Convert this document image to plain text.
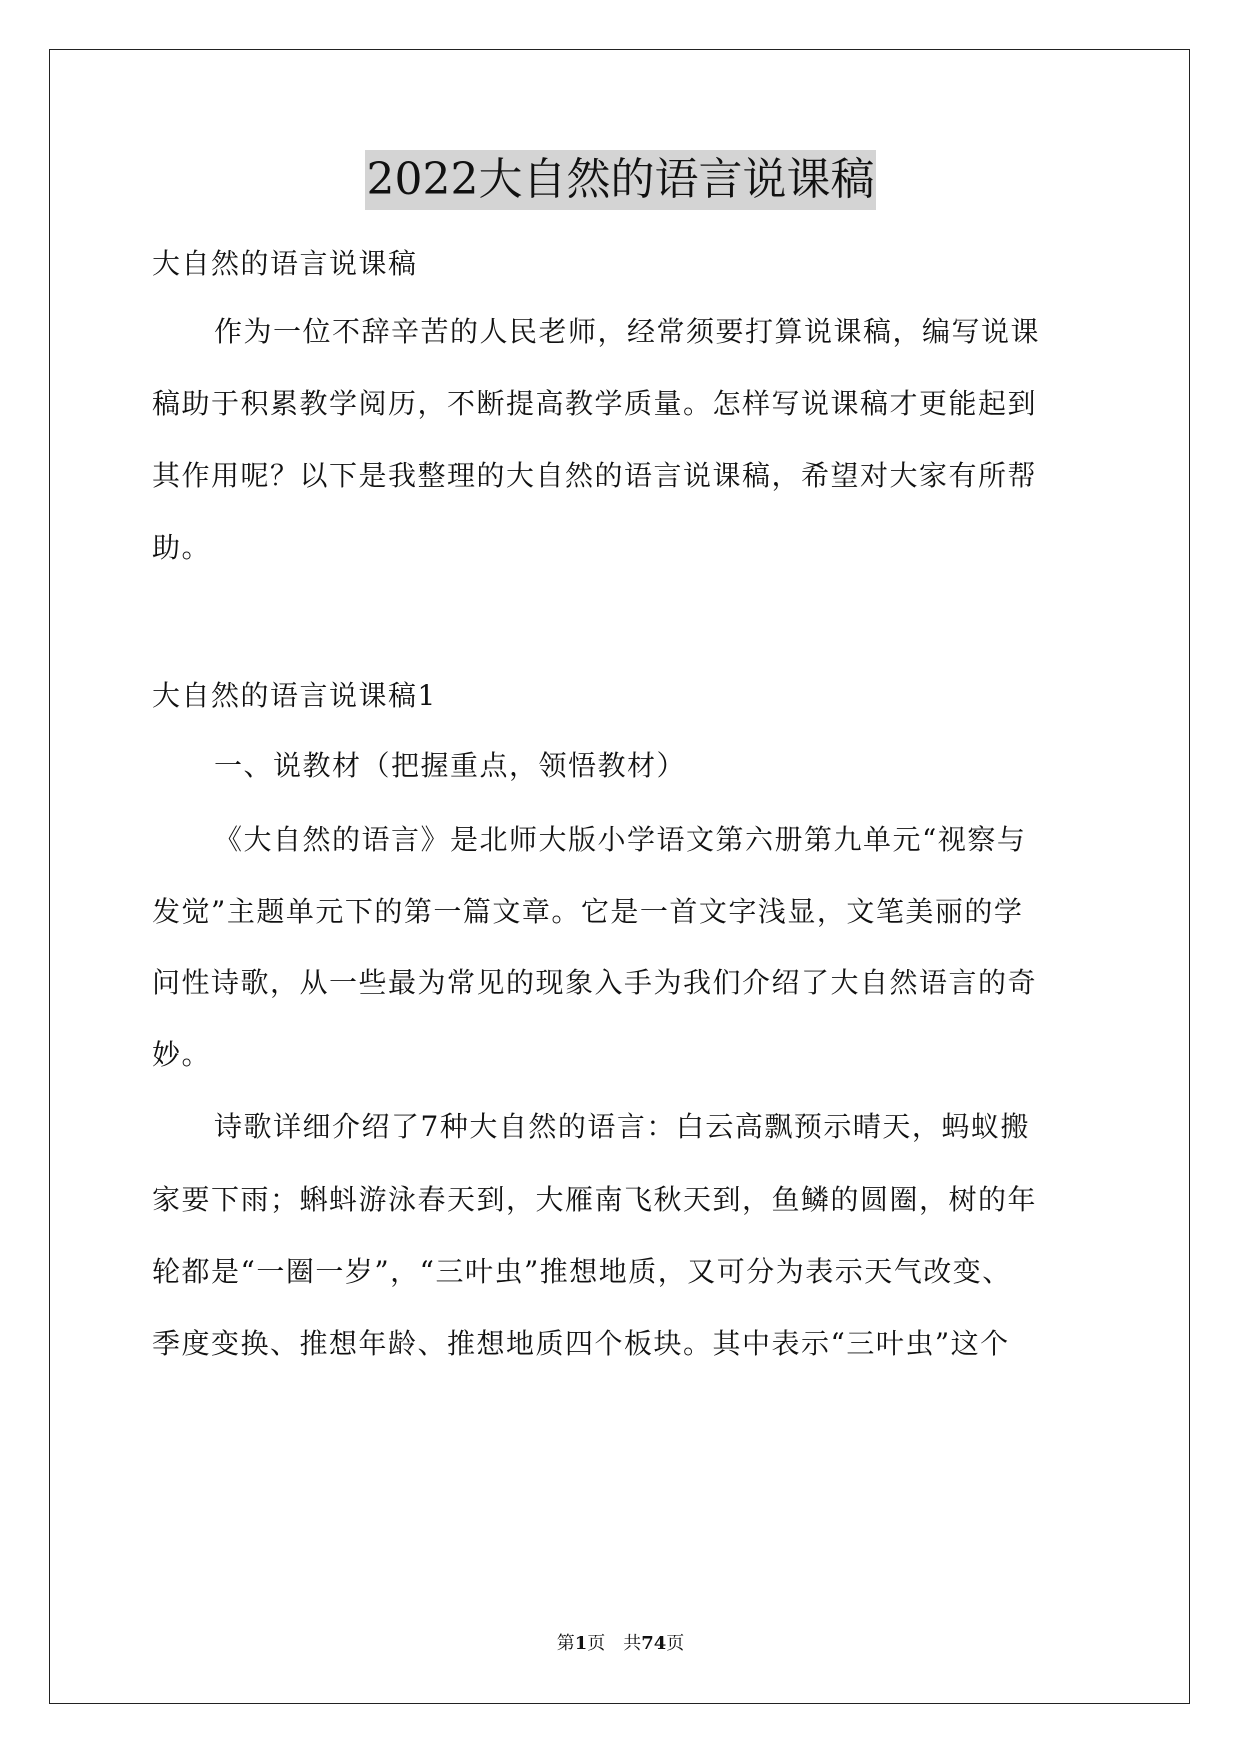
2022大自然的语言说课稿
大自然的语言说课稿
作为一位不辞辛苦的人民老师，经常须要打算说课稿，编写说课
稿助于积累教学阅历，不断提高教学质量。怎样写说课稿才更能起到
其作用呢？以下是我整理的大自然的语言说课稿，希望对大家有所帮
助。
大自然的语言说课稿1
一、说教材（把握重点，领悟教材）
《大自然的语言》是北师大版小学语文第六册第九单元“视察与
发觉”主题单元下的第一篇文章。它是一首文字浅显，文笔美丽的学
问性诗歌，从一些最为常见的现象入手为我们介绍了大自然语言的奇
妙。
诗歌详细介绍了7种大自然的语言：白云高飘预示晴天，蚂蚁搬
家要下雨；蝌蚪游泳春天到，大雁南飞秋天到，鱼鳞的圆圈，树的年
轮都是“一圈一岁”，“三叶虫”推想地质，又可分为表示天气改变、
季度变换、推想年龄、推想地质四个板块。其中表示“三叶虫”这个
第1页　共74页
